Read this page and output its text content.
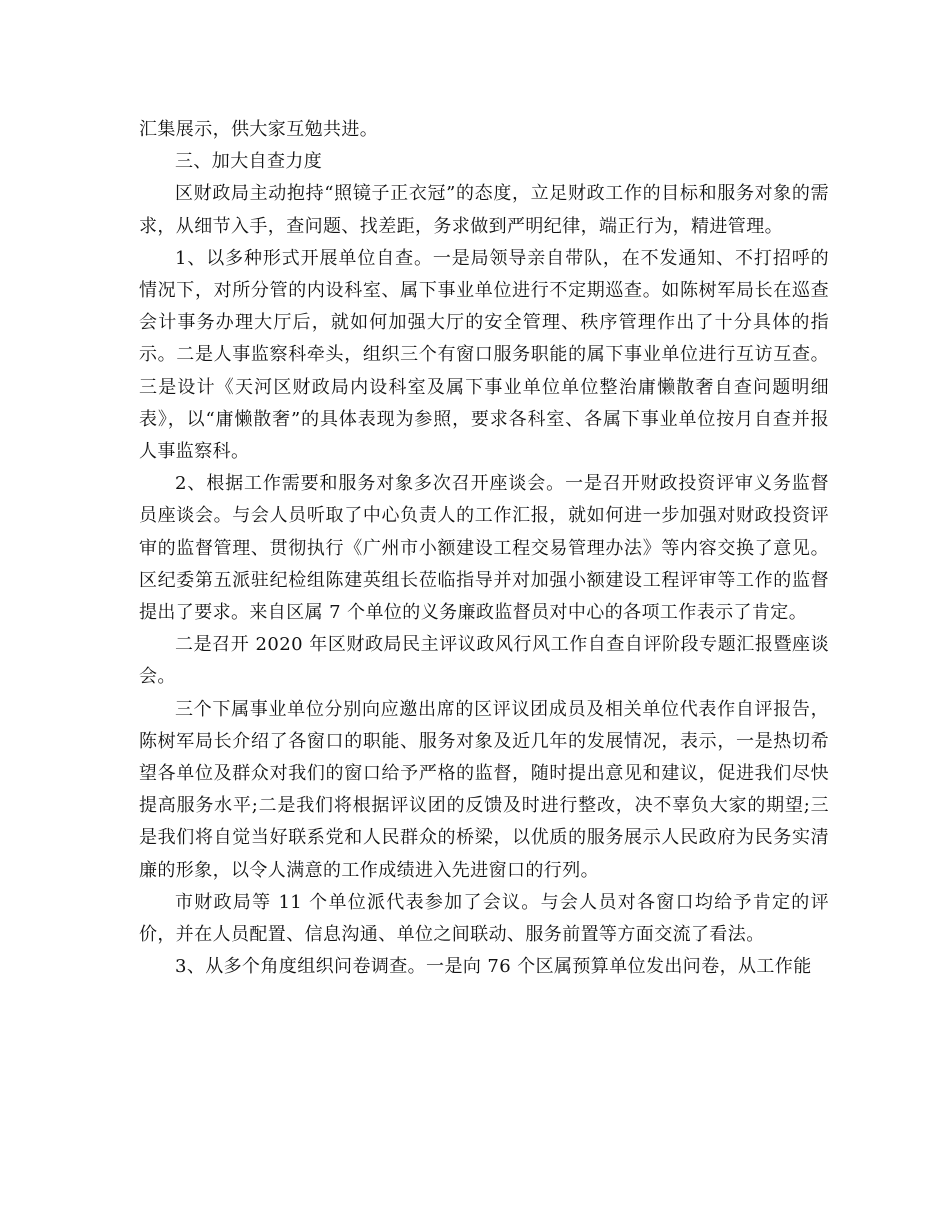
汇集展示，供大家互勉共进。

三、加大自查力度

区财政局主动抱持“照镜子正衣冠”的态度，立足财政工作的目标和服务对象的需求，从细节入手，查问题、找差距，务求做到严明纪律，端正行为，精进管理。

1、以多种形式开展单位自查。一是局领导亲自带队，在不发通知、不打招呼的情况下，对所分管的内设科室、属下事业单位进行不定期巡查。如陈树军局长在巡查会计事务办理大厅后，就如何加强大厅的安全管理、秩序管理作出了十分具体的指示。二是人事监察科牵头，组织三个有窗口服务职能的属下事业单位进行互访互查。三是设计《天河区财政局内设科室及属下事业单位单位整治庸懒散奢自查问题明细表》，以“庸懒散奢”的具体表现为参照，要求各科室、各属下事业单位按月自查并报人事监察科。

2、根据工作需要和服务对象多次召开座谈会。一是召开财政投资评审义务监督员座谈会。与会人员听取了中心负责人的工作汇报，就如何进一步加强对财政投资评审的监督管理、贯彻执行《广州市小额建设工程交易管理办法》等内容交换了意见。区纪委第五派驻纪检组陈建英组长莅临指导并对加强小额建设工程评审等工作的监督提出了要求。来自区属 7 个单位的义务廉政监督员对中心的各项工作表示了肯定。

二是召开 2020 年区财政局民主评议政风行风工作自查自评阶段专题汇报暨座谈会。

三个下属事业单位分别向应邀出席的区评议团成员及相关单位代表作自评报告，陈树军局长介绍了各窗口的职能、服务对象及近几年的发展情况，表示，一是热切希望各单位及群众对我们的窗口给予严格的监督，随时提出意见和建议，促进我们尽快提高服务水平;二是我们将根据评议团的反馈及时进行整改，决不辜负大家的期望;三是我们将自觉当好联系党和人民群众的桥梁，以优质的服务展示人民政府为民务实清廉的形象，以令人满意的工作成绩进入先进窗口的行列。

市财政局等 11 个单位派代表参加了会议。与会人员对各窗口均给予肯定的评价，并在人员配置、信息沟通、单位之间联动、服务前置等方面交流了看法。

3、从多个角度组织问卷调查。一是向 76 个区属预算单位发出问卷，从工作能
